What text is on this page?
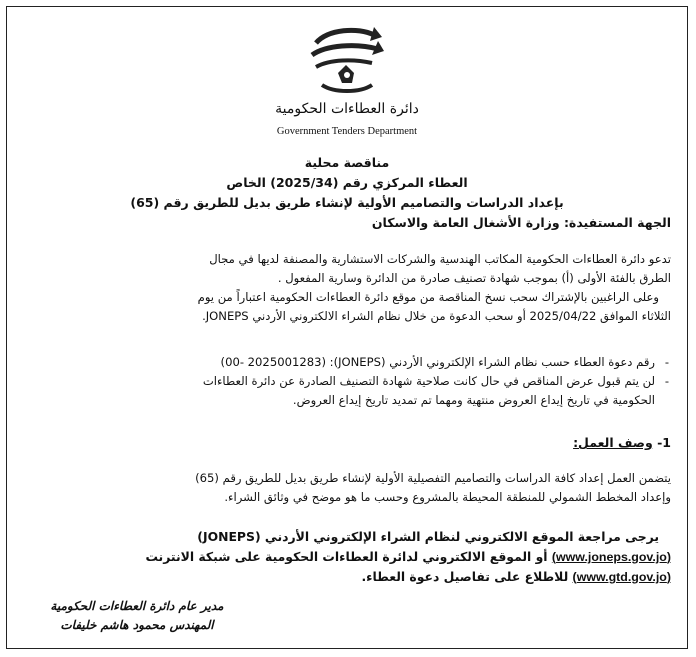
دائرة العطاءات الحكومية
Government Tenders Department
مناقصة محلية
العطاء المركزي رقم (2025/34) الخاص
بإعداد الدراسات والتصاميم الأولية لإنشاء طريق بديل للطريق رقم (65)
الجهة المستفيدة: وزارة الأشغال العامة والاسكان
تدعو دائرة العطاءات الحكومية المكاتب الهندسية والشركات الاستشارية والمصنفة لديها في مجال
الطرق بالفئة الأولى (أ) بموجب شهادة تصنيف صادرة من الدائرة وسارية المفعول .
وعلى الراغبين بالإشتراك سحب نسخ المناقصة من موقع دائرة العطاءات الحكومية اعتباراً من يوم
الثلاثاء الموافق 2025/04/22 أو سحب الدعوة من خلال نظام الشراء الالكتروني الأردني JONEPS.
-
رقم دعوة العطاء حسب نظام الشراء الإلكتروني الأردني (JONEPS): (00- 2025001283)
-
لن يتم قبول عرض المناقص في حال كانت صلاحية شهادة التصنيف الصادرة عن دائرة العطاءات
الحكومية في تاريخ إيداع العروض منتهية ومهما تم تمديد تاريخ إيداع العروض.
1- وصف العمل:
يتضمن العمل إعداد كافة الدراسات والتصاميم التفصيلية الأولية لإنشاء طريق بديل للطريق رقم (65)
وإعداد المخطط الشمولي للمنطقة المحيطة بالمشروع وحسب ما هو موضح في وثائق الشراء.
يرجى مراجعة الموقع الالكتروني لنظام الشراء الإلكتروني الأردني (JONEPS)
(www.joneps.gov.jo) أو الموقع الالكتروني لدائرة العطاءات الحكومية على شبكة الانترنت
(www.gtd.gov.jo) للاطلاع على تفاصيل دعوة العطاء.
مدير عام دائرة العطاءات الحكومية
المهندس محمود هاشم خليفات
